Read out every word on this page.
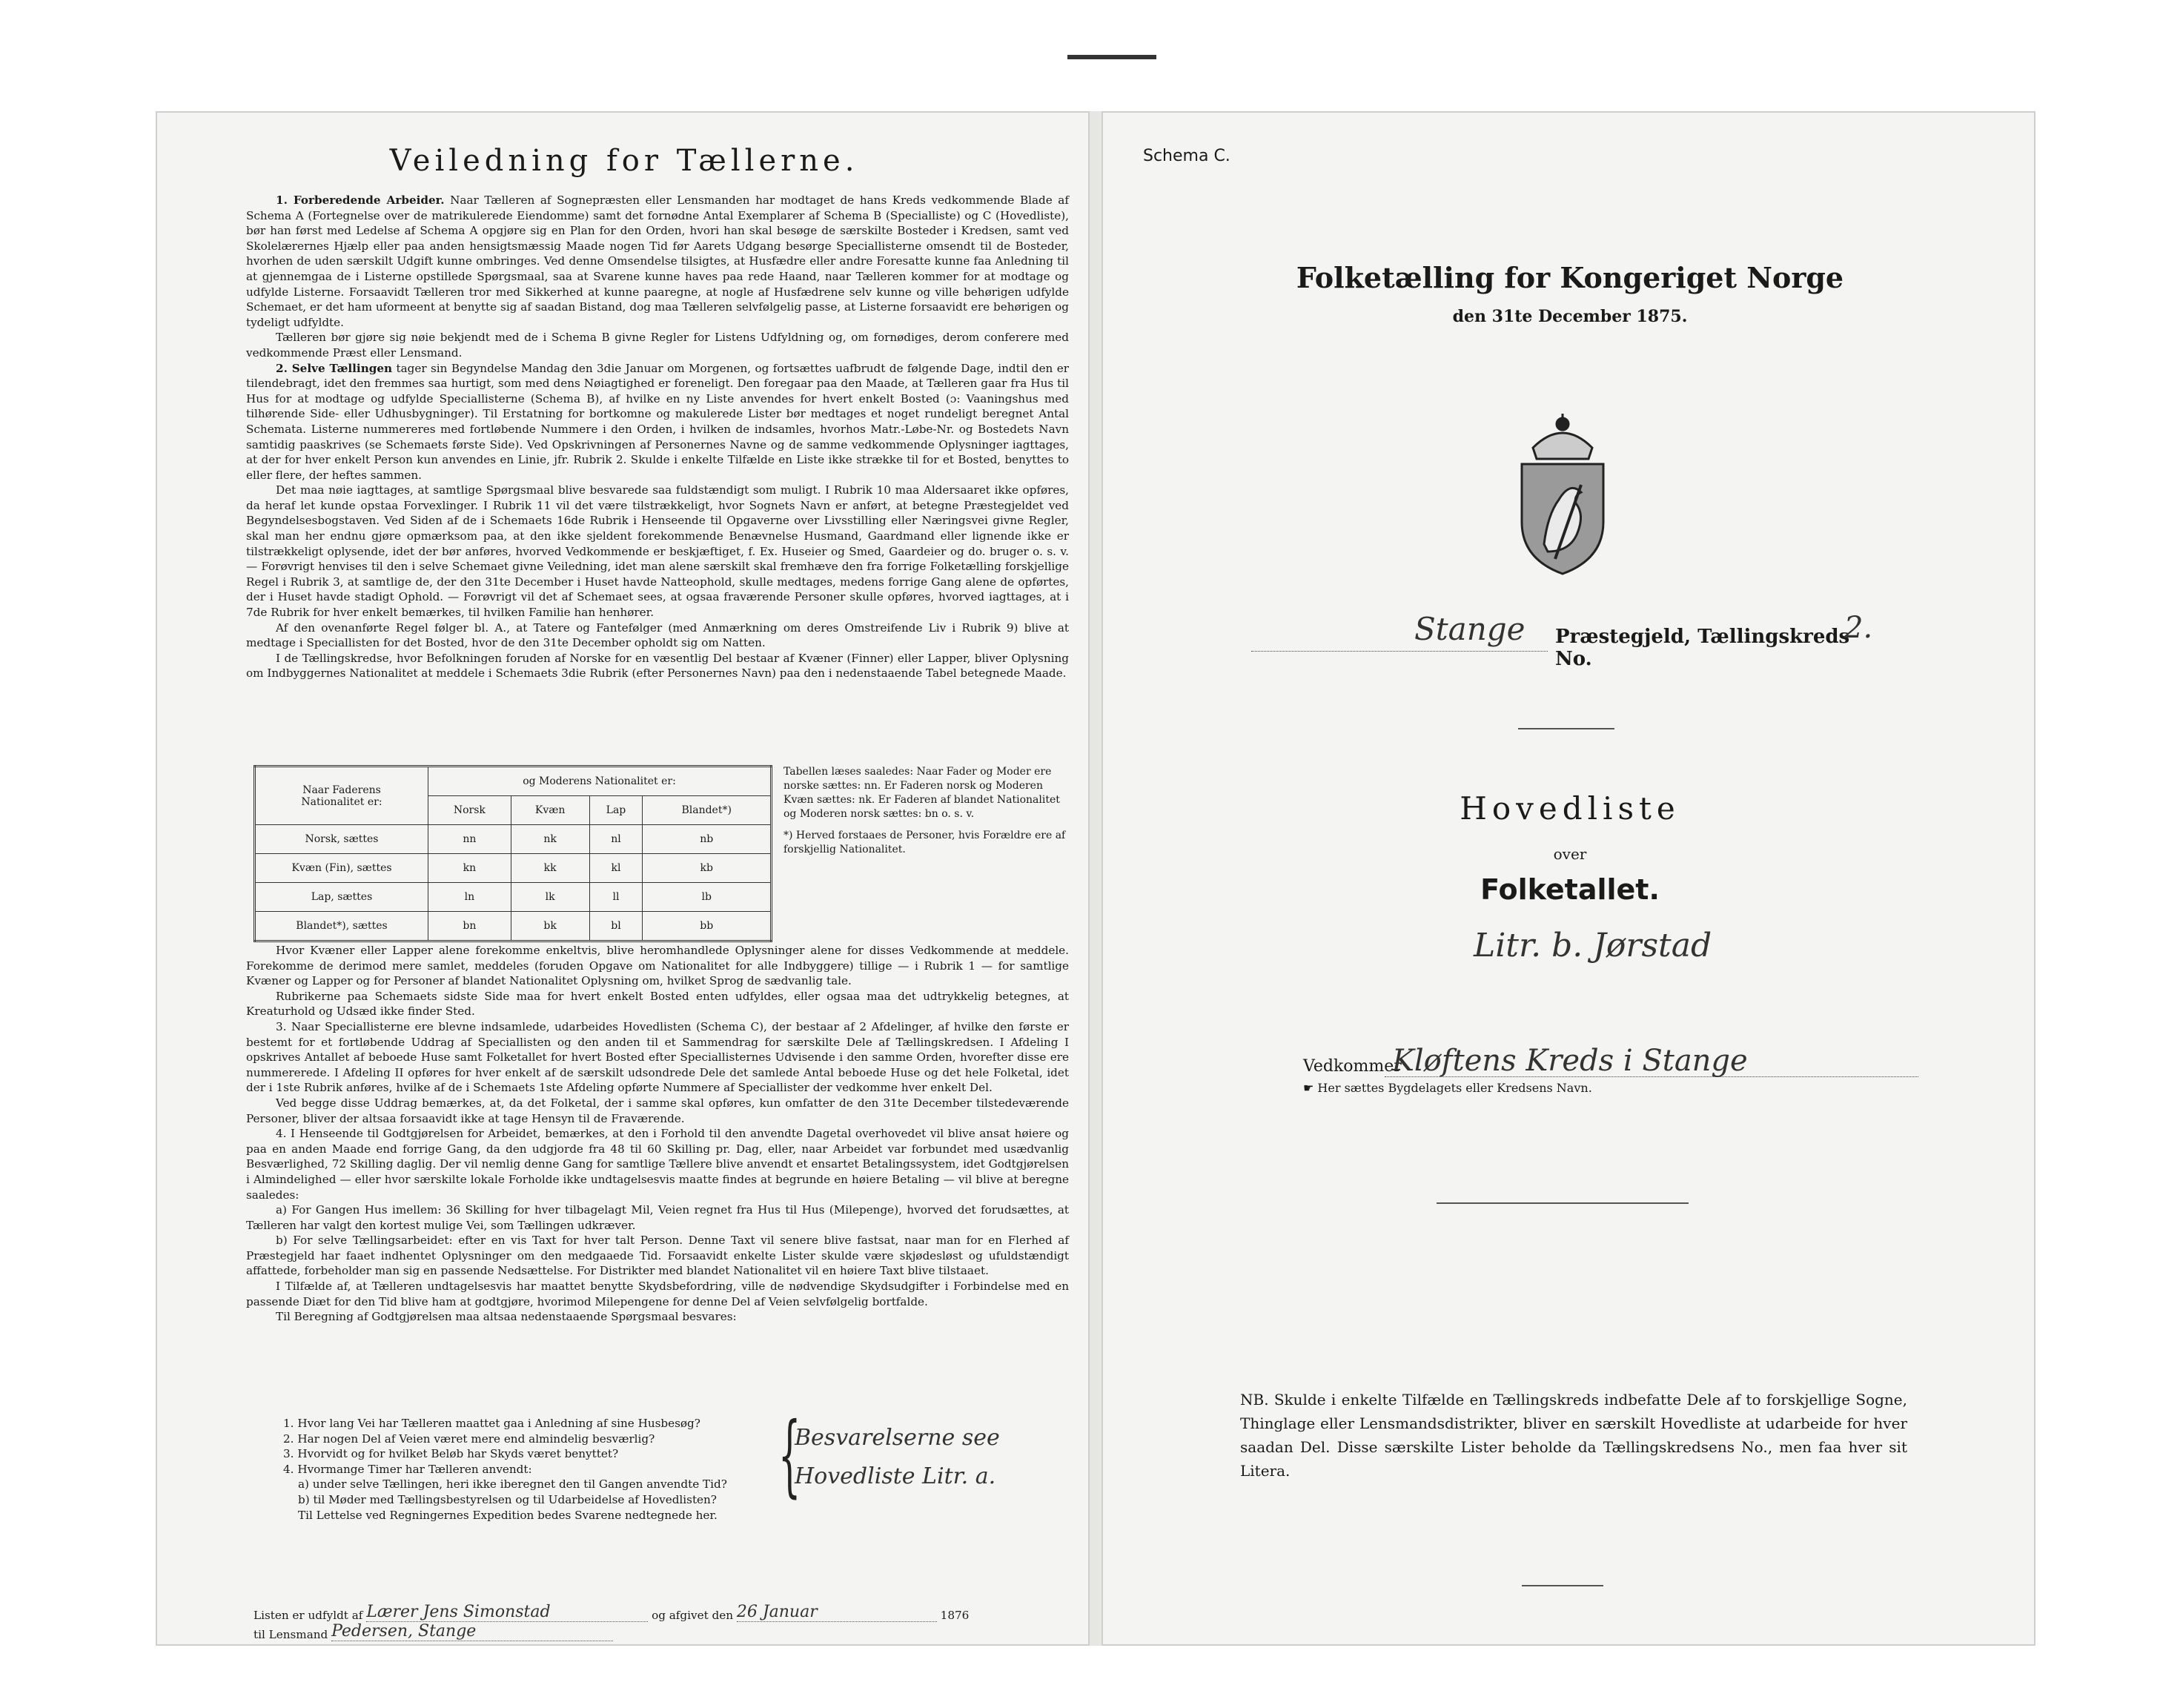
Veiledning for Tællerne.

1. Forberedende Arbeider. Naar Tælleren af Sognepræsten eller Lensmanden har modtaget de hans Kreds vedkommende Blade af Schema A (Fortegnelse over de matrikulerede Eiendomme) samt det fornødne Antal Exemplarer af Schema B (Specialliste) og C (Hovedliste), bør han først med Ledelse af Schema A opgjøre sig en Plan for den Orden, hvori han skal besøge de særskilte Bosteder i Kredsen, samt ved Skolelærernes Hjælp eller paa anden hensigtsmæssig Maade nogen Tid før Aarets Udgang besørge Speciallisterne omsendt til de Bosteder, hvorhen de uden særskilt Udgift kunne ombringes. Ved denne Omsendelse tilsigtes, at Husfædre eller andre Foresatte kunne faa Anledning til at gjennemgaa de i Listerne opstillede Spørgsmaal, saa at Svarene kunne haves paa rede Haand, naar Tælleren kommer for at modtage og udfylde Listerne. Forsaavidt Tælleren tror med Sikkerhed at kunne paaregne, at nogle af Husfædrene selv kunne og ville behørigen udfylde Schemaet, er det ham uformeent at benytte sig af saadan Bistand, dog maa Tælleren selvfølgelig passe, at Listerne forsaavidt ere behørigen og tydeligt udfyldte.

Tælleren bør gjøre sig nøie bekjendt med de i Schema B givne Regler for Listens Udfyldning og, om fornødiges, derom conferere med vedkommende Præst eller Lensmand.

2. Selve Tællingen tager sin Begyndelse Mandag den 3die Januar om Morgenen, og fortsættes uafbrudt de følgende Dage, indtil den er tilendebragt, idet den fremmes saa hurtigt, som med dens Nøiagtighed er foreneligt. Den foregaar paa den Maade, at Tælleren gaar fra Hus til Hus for at modtage og udfylde Speciallisterne (Schema B), af hvilke en ny Liste anvendes for hvert enkelt Bosted (ɔ: Vaaningshus med tilhørende Side- eller Udhusbygninger). Til Erstatning for bortkomne og makulerede Lister bør medtages et noget rundeligt beregnet Antal Schemata. Listerne nummereres med fortløbende Nummere i den Orden, i hvilken de indsamles, hvorhos Matr.-Løbe-Nr. og Bostedets Navn samtidig paaskrives (se Schemaets første Side). Ved Opskrivningen af Personernes Navne og de samme vedkommende Oplysninger iagttages, at der for hver enkelt Person kun anvendes en Linie, jfr. Rubrik 2. Skulde i enkelte Tilfælde en Liste ikke strække til for et Bosted, benyttes to eller flere, der heftes sammen.

Det maa nøie iagttages, at samtlige Spørgsmaal blive besvarede saa fuldstændigt som muligt. I Rubrik 10 maa Aldersaaret ikke opføres, da heraf let kunde opstaa Forvexlinger. I Rubrik 11 vil det være tilstrækkeligt, hvor Sognets Navn er anført, at betegne Præstegjeldet ved Begyndelsesbogstaven. Ved Siden af de i Schemaets 16de Rubrik i Henseende til Opgaverne over Livsstilling eller Næringsvei givne Regler, skal man her endnu gjøre opmærksom paa, at den ikke sjeldent forekommende Benævnelse Husmand, Gaardmand eller lignende ikke er tilstrækkeligt oplysende, idet der bør anføres, hvorved Vedkommende er beskjæftiget, f. Ex. Huseier og Smed, Gaardeier og do. bruger o. s. v. — Forøvrigt henvises til den i selve Schemaet givne Veiledning, idet man alene særskilt skal fremhæve den fra forrige Folketælling forskjellige Regel i Rubrik 3, at samtlige de, der den 31te December i Huset havde Natteophold, skulle medtages, medens forrige Gang alene de opførtes, der i Huset havde stadigt Ophold. — Forøvrigt vil det af Schemaet sees, at ogsaa fraværende Personer skulle opføres, hvorved iagttages, at i 7de Rubrik for hver enkelt bemærkes, til hvilken Familie han henhører.

Af den ovenanførte Regel følger bl. A., at Tatere og Fantefølger (med Anmærkning om deres Omstreifende Liv i Rubrik 9) blive at medtage i Speciallisten for det Bosted, hvor de den 31te December opholdt sig om Natten.

I de Tællingskredse, hvor Befolkningen foruden af Norske for en væsentlig Del bestaar af Kvæner (Finner) eller Lapper, bliver Oplysning om Indbyggernes Nationalitet at meddele i Schemaets 3die Rubrik (efter Personernes Navn) paa den i nedenstaaende Tabel betegnede Maade.

Naar Faderens
Nationalitet er:	og Moderens Nationalitet er:			
	Norsk	Kvæn	Lap	Blandet*)
Norsk, sættes	nn	nk	nl	nb
Kvæn (Fin), sættes	kn	kk	kl	kb
Lap, sættes	ln	lk	ll	lb
Blandet*), sættes	bn	bk	bl	bb

Tabellen læses saaledes: Naar Fader og Moder ere norske sættes: nn. Er Faderen norsk og Moderen Kvæn sættes: nk. Er Faderen af blandet Nationalitet og Moderen norsk sættes: bn o. s. v.

*) Herved forstaaes de Personer, hvis Forældre ere af forskjellig Nationalitet.

Hvor Kvæner eller Lapper alene forekomme enkeltvis, blive heromhandlede Oplysninger alene for disses Vedkommende at meddele. Forekomme de derimod mere samlet, meddeles (foruden Opgave om Nationalitet for alle Indbyggere) tillige — i Rubrik 1 — for samtlige Kvæner og Lapper og for Personer af blandet Nationalitet Oplysning om, hvilket Sprog de sædvanlig tale.

Rubrikerne paa Schemaets sidste Side maa for hvert enkelt Bosted enten udfyldes, eller ogsaa maa det udtrykkelig betegnes, at Kreaturhold og Udsæd ikke finder Sted.

3. Naar Speciallisterne ere blevne indsamlede, udarbeides Hovedlisten (Schema C), der bestaar af 2 Afdelinger, af hvilke den første er bestemt for et fortløbende Uddrag af Speciallisten og den anden til et Sammendrag for særskilte Dele af Tællingskredsen. I Afdeling I opskrives Antallet af beboede Huse samt Folketallet for hvert Bosted efter Speciallisternes Udvisende i den samme Orden, hvorefter disse ere nummererede. I Afdeling II opføres for hver enkelt af de særskilt udsondrede Dele det samlede Antal beboede Huse og det hele Folketal, idet der i 1ste Rubrik anføres, hvilke af de i Schemaets 1ste Afdeling opførte Nummere af Speciallister der vedkomme hver enkelt Del.

Ved begge disse Uddrag bemærkes, at, da det Folketal, der i samme skal opføres, kun omfatter de den 31te December tilstedeværende Personer, bliver der altsaa forsaavidt ikke at tage Hensyn til de Fraværende.

4. I Henseende til Godtgjørelsen for Arbeidet, bemærkes, at den i Forhold til den anvendte Dagetal overhovedet vil blive ansat høiere og paa en anden Maade end forrige Gang, da den udgjorde fra 48 til 60 Skilling pr. Dag, eller, naar Arbeidet var forbundet med usædvanlig Besværlighed, 72 Skilling daglig. Der vil nemlig denne Gang for samtlige Tællere blive anvendt et ensartet Betalingssystem, idet Godtgjørelsen i Almindelighed — eller hvor særskilte lokale Forholde ikke undtagelsesvis maatte findes at begrunde en høiere Betaling — vil blive at beregne saaledes:

a) For Gangen Hus imellem: 36 Skilling for hver tilbagelagt Mil, Veien regnet fra Hus til Hus (Milepenge), hvorved det forudsættes, at Tælleren har valgt den kortest mulige Vei, som Tællingen udkræver.

b) For selve Tællingsarbeidet: efter en vis Taxt for hver talt Person. Denne Taxt vil senere blive fastsat, naar man for en Flerhed af Præstegjeld har faaet indhentet Oplysninger om den medgaaede Tid. Forsaavidt enkelte Lister skulde være skjødesløst og ufuldstændigt affattede, forbeholder man sig en passende Nedsættelse. For Distrikter med blandet Nationalitet vil en høiere Taxt blive tilstaaet.

I Tilfælde af, at Tælleren undtagelsesvis har maattet benytte Skydsbefordring, ville de nødvendige Skydsudgifter i Forbindelse med en passende Diæt for den Tid blive ham at godtgjøre, hvorimod Milepengene for denne Del af Veien selvfølgelig bortfalde.

Til Beregning af Godtgjørelsen maa altsaa nedenstaaende Spørgsmaal besvares:

1. Hvor lang Vei har Tælleren maattet gaa i Anledning af sine Husbesøg?

2. Har nogen Del af Veien været mere end almindelig besværlig?

3. Hvorvidt og for hvilket Beløb har Skyds været benyttet?

4. Hvormange Timer har Tælleren anvendt:

a) under selve Tællingen, heri ikke iberegnet den til Gangen anvendte Tid?

b) til Møder med Tællingsbestyrelsen og til Udarbeidelse af Hovedlisten?

Til Lettelse ved Regningernes Expedition bedes Svarene nedtegnede her.

{
Besvarelserne see
Hovedliste Litr. a.
Listen er udfyldt af Lærer Jens Simonstad	og afgivet den 26 Januar	1876
til Lensmand Pedersen, Stange
Schema C.
Folketælling for Kongeriget Norge
den 31te December 1875.
Stange Præstegjeld, Tællingskreds No.
2.
Hovedliste
over
Folketallet.
Litr. b. Jørstad
Vedkommer
Kløftens Kreds i Stange
☛ Her sættes Bygdelagets eller Kredsens Navn.
NB. Skulde i enkelte Tilfælde en Tællingskreds indbefatte Dele af to forskjellige Sogne, Thinglage eller Lensmandsdistrikter, bliver en særskilt Hovedliste at udarbeide for hver saadan Del. Disse særskilte Lister beholde da Tællingskredsens No., men faa hver sit Litera.
